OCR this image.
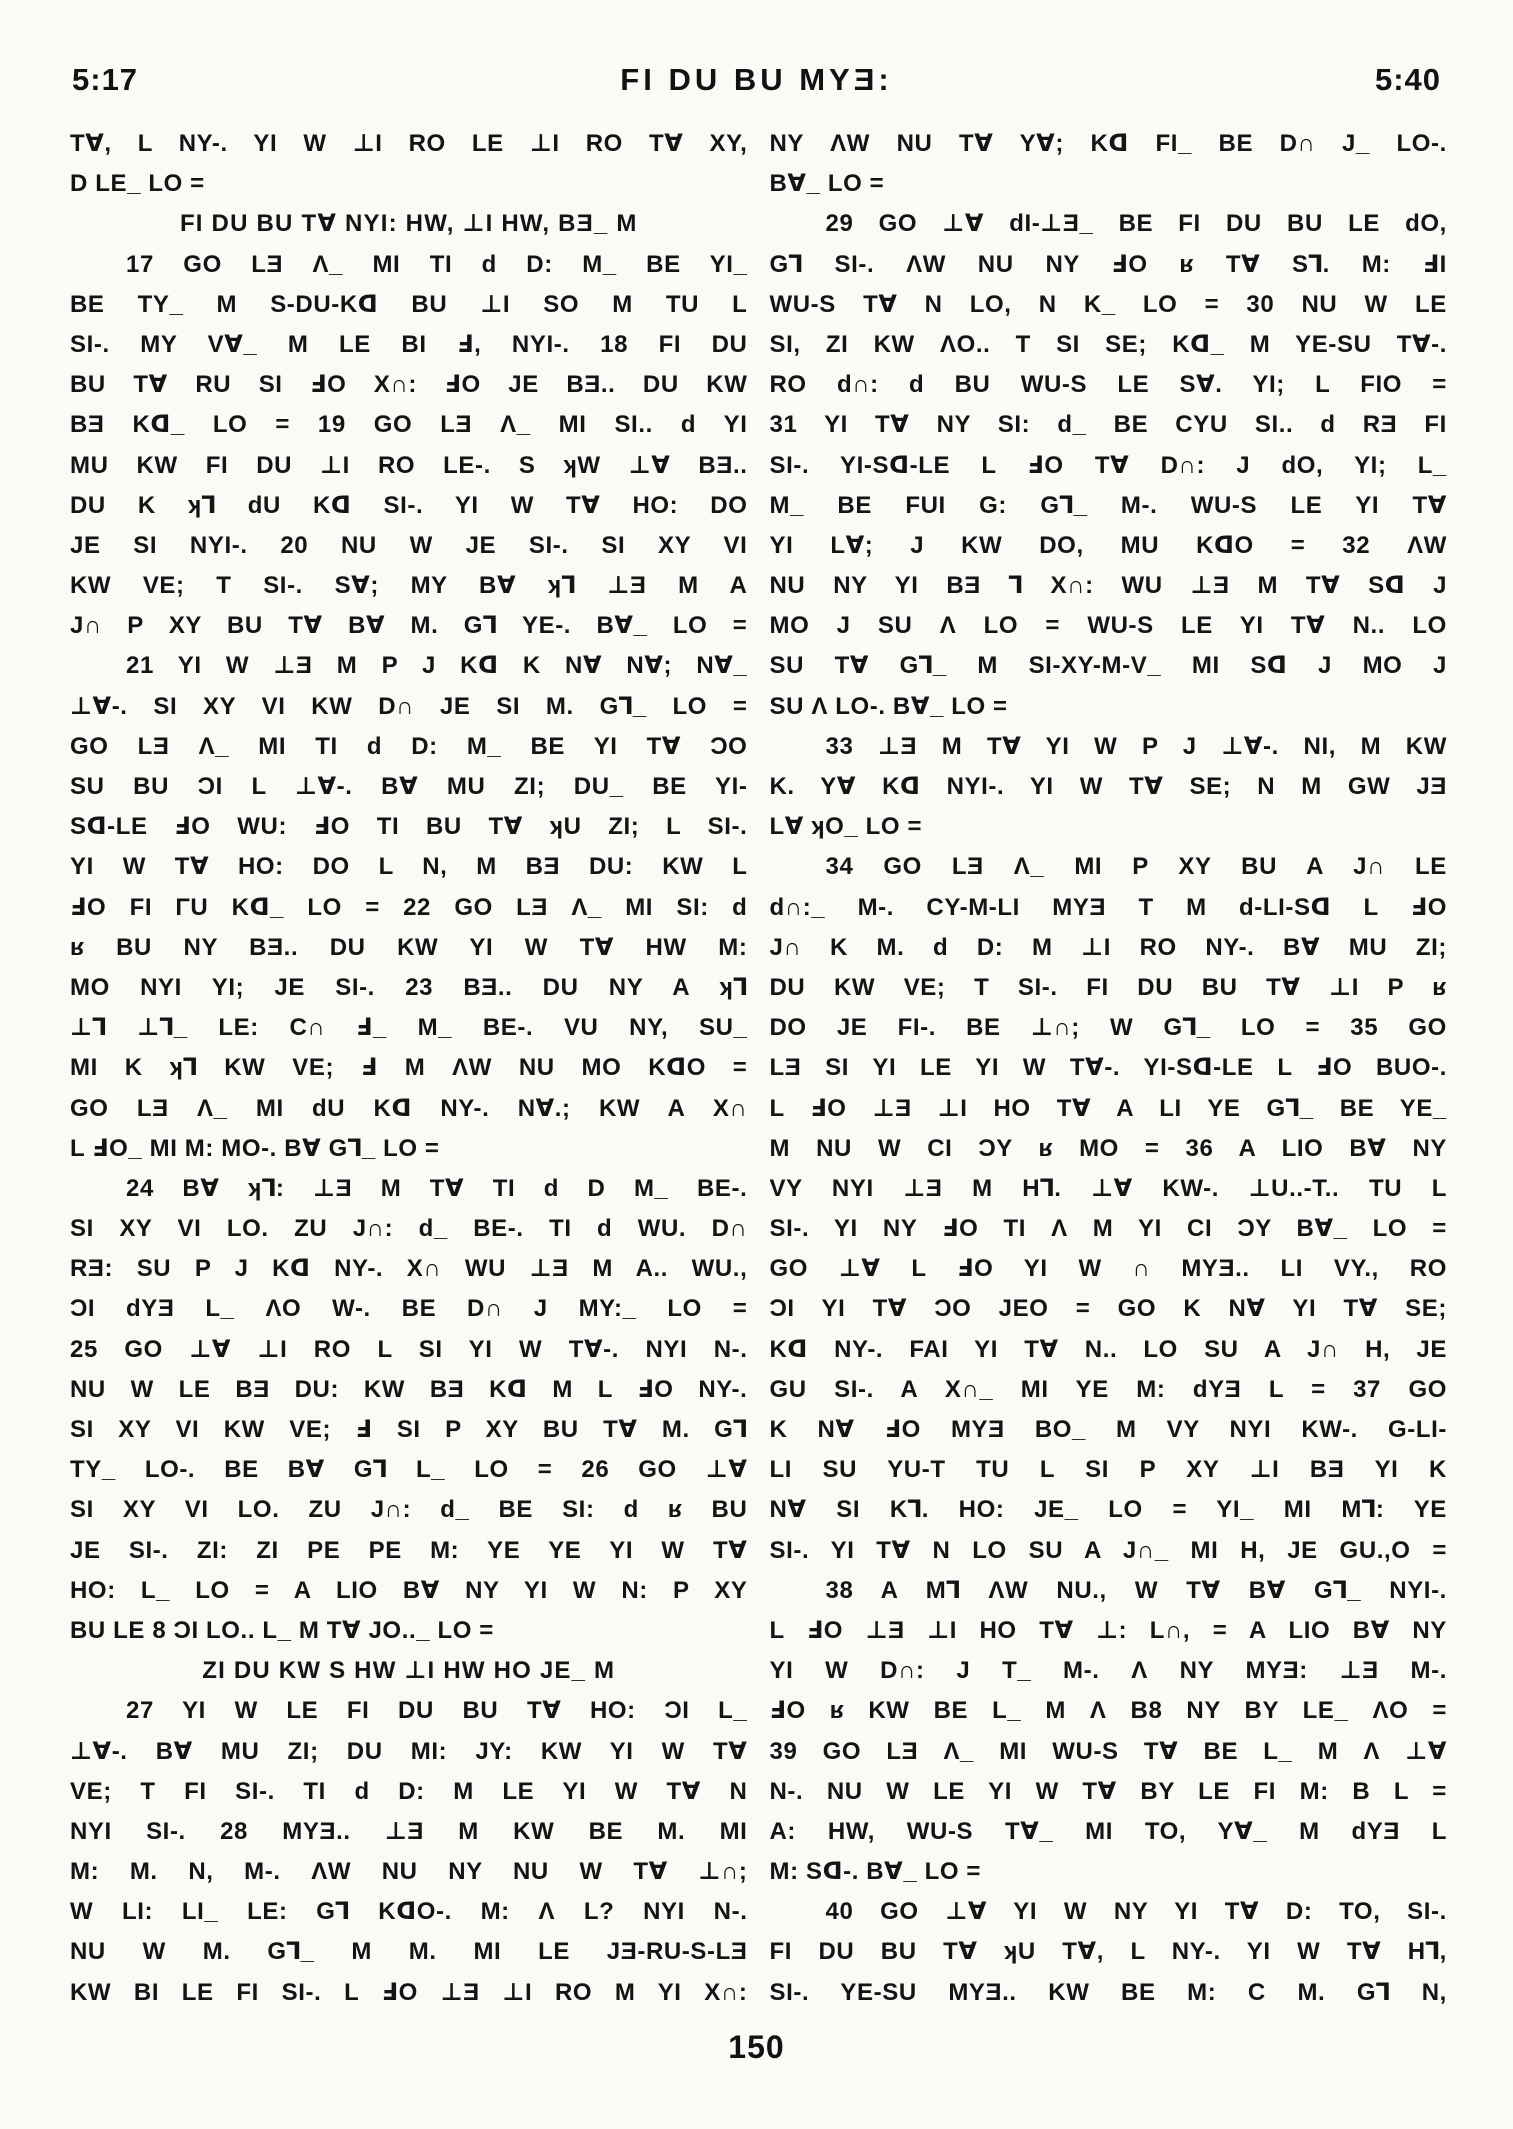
5:17	FI DU BU MYƎ:	5:40
T∀, L NY-. YI W ⊥I RO LE ⊥I RO T∀ XY,
D LE_ LO =
FI DU BU T∀ NYI: HW, ⊥I HW, BƎ_ M
17 GO LƎ Λ_ MI TI d D: M_ BE YI_
BE TY_ M S-DU-Kᗡ BU ⊥I SO M TU L
SI-. MY V∀_ M LE BI Ⅎ, NYI-. 18 FI DU
BU T∀ RU SI ℲO X∩: ℲO JE BƎ.. DU KW
BƎ Kᗡ_ LO = 19 GO LƎ Λ_ MI SI.. d YI
MU KW FI DU ⊥I RO LE-. S ʞW ⊥∀ BƎ..
DU K ʞ⅂ dU Kᗡ SI-. YI W T∀ HO: DO
JE SI NYI-. 20 NU W JE SI-. SI XY VI
KW VE; T SI-. S∀; MY B∀ ʞ⅂ ⊥Ǝ M A
J∩ P XY BU T∀ B∀ M. G⅂ YE-. B∀_ LO =
21 YI W ⊥Ǝ M P J Kᗡ K N∀ N∀; N∀_
⊥∀-. SI XY VI KW D∩ JE SI M. G⅂_ LO =
GO LƎ Λ_ MI TI d D: M_ BE YI T∀ ƆO
SU BU ƆI L ⊥∀-. B∀ MU ZI; DU_ BE YI-
Sᗡ-LE ℲO WU: ℲO TI BU T∀ ʞU ZI; L SI-.
YI W T∀ HO: DO L N, M BƎ DU: KW L
ℲO FI ΓU Kᗡ_ LO = 22 GO LƎ Λ_ MI SI: d
ʁ BU NY BƎ.. DU KW YI W T∀ HW M:
MO NYI YI; JE SI-. 23 BƎ.. DU NY A ʞ⅂
⊥⅂ ⊥⅂_ LE: C∩ Ⅎ_ M_ BE-. VU NY, SU_
MI K ʞ⅂ KW VE; Ⅎ M ΛW NU MO KᗡO =
GO LƎ Λ_ MI dU Kᗡ NY-. N∀.; KW A X∩
L ℲO_ MI M: MO-. B∀ G⅂_ LO =
24 B∀ ʞ⅂: ⊥Ǝ M T∀ TI d D M_ BE-.
SI XY VI LO. ZU J∩: d_ BE-. TI d WU. D∩
RƎ: SU P J Kᗡ NY-. X∩ WU ⊥Ǝ M A.. WU.,
ƆI dYƎ L_ ΛO W-. BE D∩ J MY:_ LO =
25 GO ⊥∀ ⊥I RO L SI YI W T∀-. NYI N-.
NU W LE BƎ DU: KW BƎ Kᗡ M L ℲO NY-.
SI XY VI KW VE; Ⅎ SI P XY BU T∀ M. G⅂
TY_ LO-. BE B∀ G⅂ L_ LO = 26 GO ⊥∀
SI XY VI LO. ZU J∩: d_ BE SI: d ʁ BU
JE SI-. ZI: ZI PE PE M: YE YE YI W T∀
HO: L_ LO = A LIO B∀ NY YI W N: P XY
BU LE 8 ƆI LO.. L_ M T∀ JO.._ LO =
ZI DU KW S HW ⊥I HW HO JE_ M
27 YI W LE FI DU BU T∀ HO: ƆI L_
⊥∀-. B∀ MU ZI; DU MI: JY: KW YI W T∀
VE; T FI SI-. TI d D: M LE YI W T∀ N
NYI SI-. 28 MYƎ.. ⊥Ǝ M KW BE M. MI
M: M. N, M-. ΛW NU NY NU W T∀ ⊥∩;
W LI: LI_ LE: G⅂ KᗡO-. M: Λ L? NYI N-.
NU W M. G⅂_ M M. MI LE JƎ-RU-S-LƎ
KW BI LE FI SI-. L ℲO ⊥Ǝ ⊥I RO M YI X∩:
NY ΛW NU T∀ Y∀; Kᗡ FI_ BE D∩ J_ LO-.
B∀_ LO =
29 GO ⊥∀ dI-⊥Ǝ_ BE FI DU BU LE dO,
G⅂ SI-. ΛW NU NY ℲO ʁ T∀ S⅂. M: ℲI
WU-S T∀ N LO, N K_ LO = 30 NU W LE
SI, ZI KW ΛO.. T SI SE; Kᗡ_ M YE-SU T∀-.
RO d∩: d BU WU-S LE S∀. YI; L FIO =
31 YI T∀ NY SI: d_ BE CYU SI.. d RƎ FI
SI-. YI-Sᗡ-LE L ℲO T∀ D∩: J dO, YI; L_
M_ BE FUI G: G⅂_ M-. WU-S LE YI T∀
YI L∀; J KW DO, MU KᗡO = 32 ΛW
NU NY YI BƎ ⅂ X∩: WU ⊥Ǝ M T∀ Sᗡ J
MO J SU Λ LO = WU-S LE YI T∀ N.. LO
SU T∀ G⅂_ M SI-XY-M-V_ MI Sᗡ J MO J
SU Λ LO-. B∀_ LO =
33 ⊥Ǝ M T∀ YI W P J ⊥∀-. NI, M KW
K. Y∀ Kᗡ NYI-. YI W T∀ SE; N M GW JƎ
L∀ ʞO_ LO =
34 GO LƎ Λ_ MI P XY BU A J∩ LE
d∩:_ M-. CY-M-LI MYƎ T M d-LI-Sᗡ L ℲO
J∩ K M. d D: M ⊥I RO NY-. B∀ MU ZI;
DU KW VE; T SI-. FI DU BU T∀ ⊥I P ʁ
DO JE FI-. BE ⊥∩; W G⅂_ LO = 35 GO
LƎ SI YI LE YI W T∀-. YI-Sᗡ-LE L ℲO BUO-.
L ℲO ⊥Ǝ ⊥I HO T∀ A LI YE G⅂_ BE YE_
M NU W CI ƆY ʁ MO = 36 A LIO B∀ NY
VY NYI ⊥Ǝ M H⅂. ⊥∀ KW-. ⊥U..-T.. TU L
SI-. YI NY ℲO TI Λ M YI CI ƆY B∀_ LO =
GO ⊥∀ L ℲO YI W ∩ MYƎ.. LI VY., RO
ƆI YI T∀ ƆO JEO = GO K N∀ YI T∀ SE;
Kᗡ NY-. FAI YI T∀ N.. LO SU A J∩ H, JE
GU SI-. A X∩_ MI YE M: dYƎ L = 37 GO
K N∀ ℲO MYƎ BO_ M VY NYI KW-. G-LI-
LI SU YU-T TU L SI P XY ⊥I BƎ YI K
N∀ SI K⅂. HO: JE_ LO = YI_ MI M⅂: YE
SI-. YI T∀ N LO SU A J∩_ MI H, JE GU.,O =
38 A M⅂ ΛW NU., W T∀ B∀ G⅂_ NYI-.
L ℲO ⊥Ǝ ⊥I HO T∀ ⊥: L∩, = A LIO B∀ NY
YI W D∩: J T_ M-. Λ NY MYƎ: ⊥Ǝ M-.
ℲO ʁ KW BE L_ M Λ B8 NY BY LE_ ΛO =
39 GO LƎ Λ_ MI WU-S T∀ BE L_ M Λ ⊥∀
N-. NU W LE YI W T∀ BY LE FI M: B L =
A: HW, WU-S T∀_ MI TO, Y∀_ M dYƎ L
M: Sᗡ-. B∀_ LO =
40 GO ⊥∀ YI W NY YI T∀ D: TO, SI-.
FI DU BU T∀ ʞU T∀, L NY-. YI W T∀ H⅂,
SI-. YE-SU MYƎ.. KW BE M: C M. G⅂ N,
150
